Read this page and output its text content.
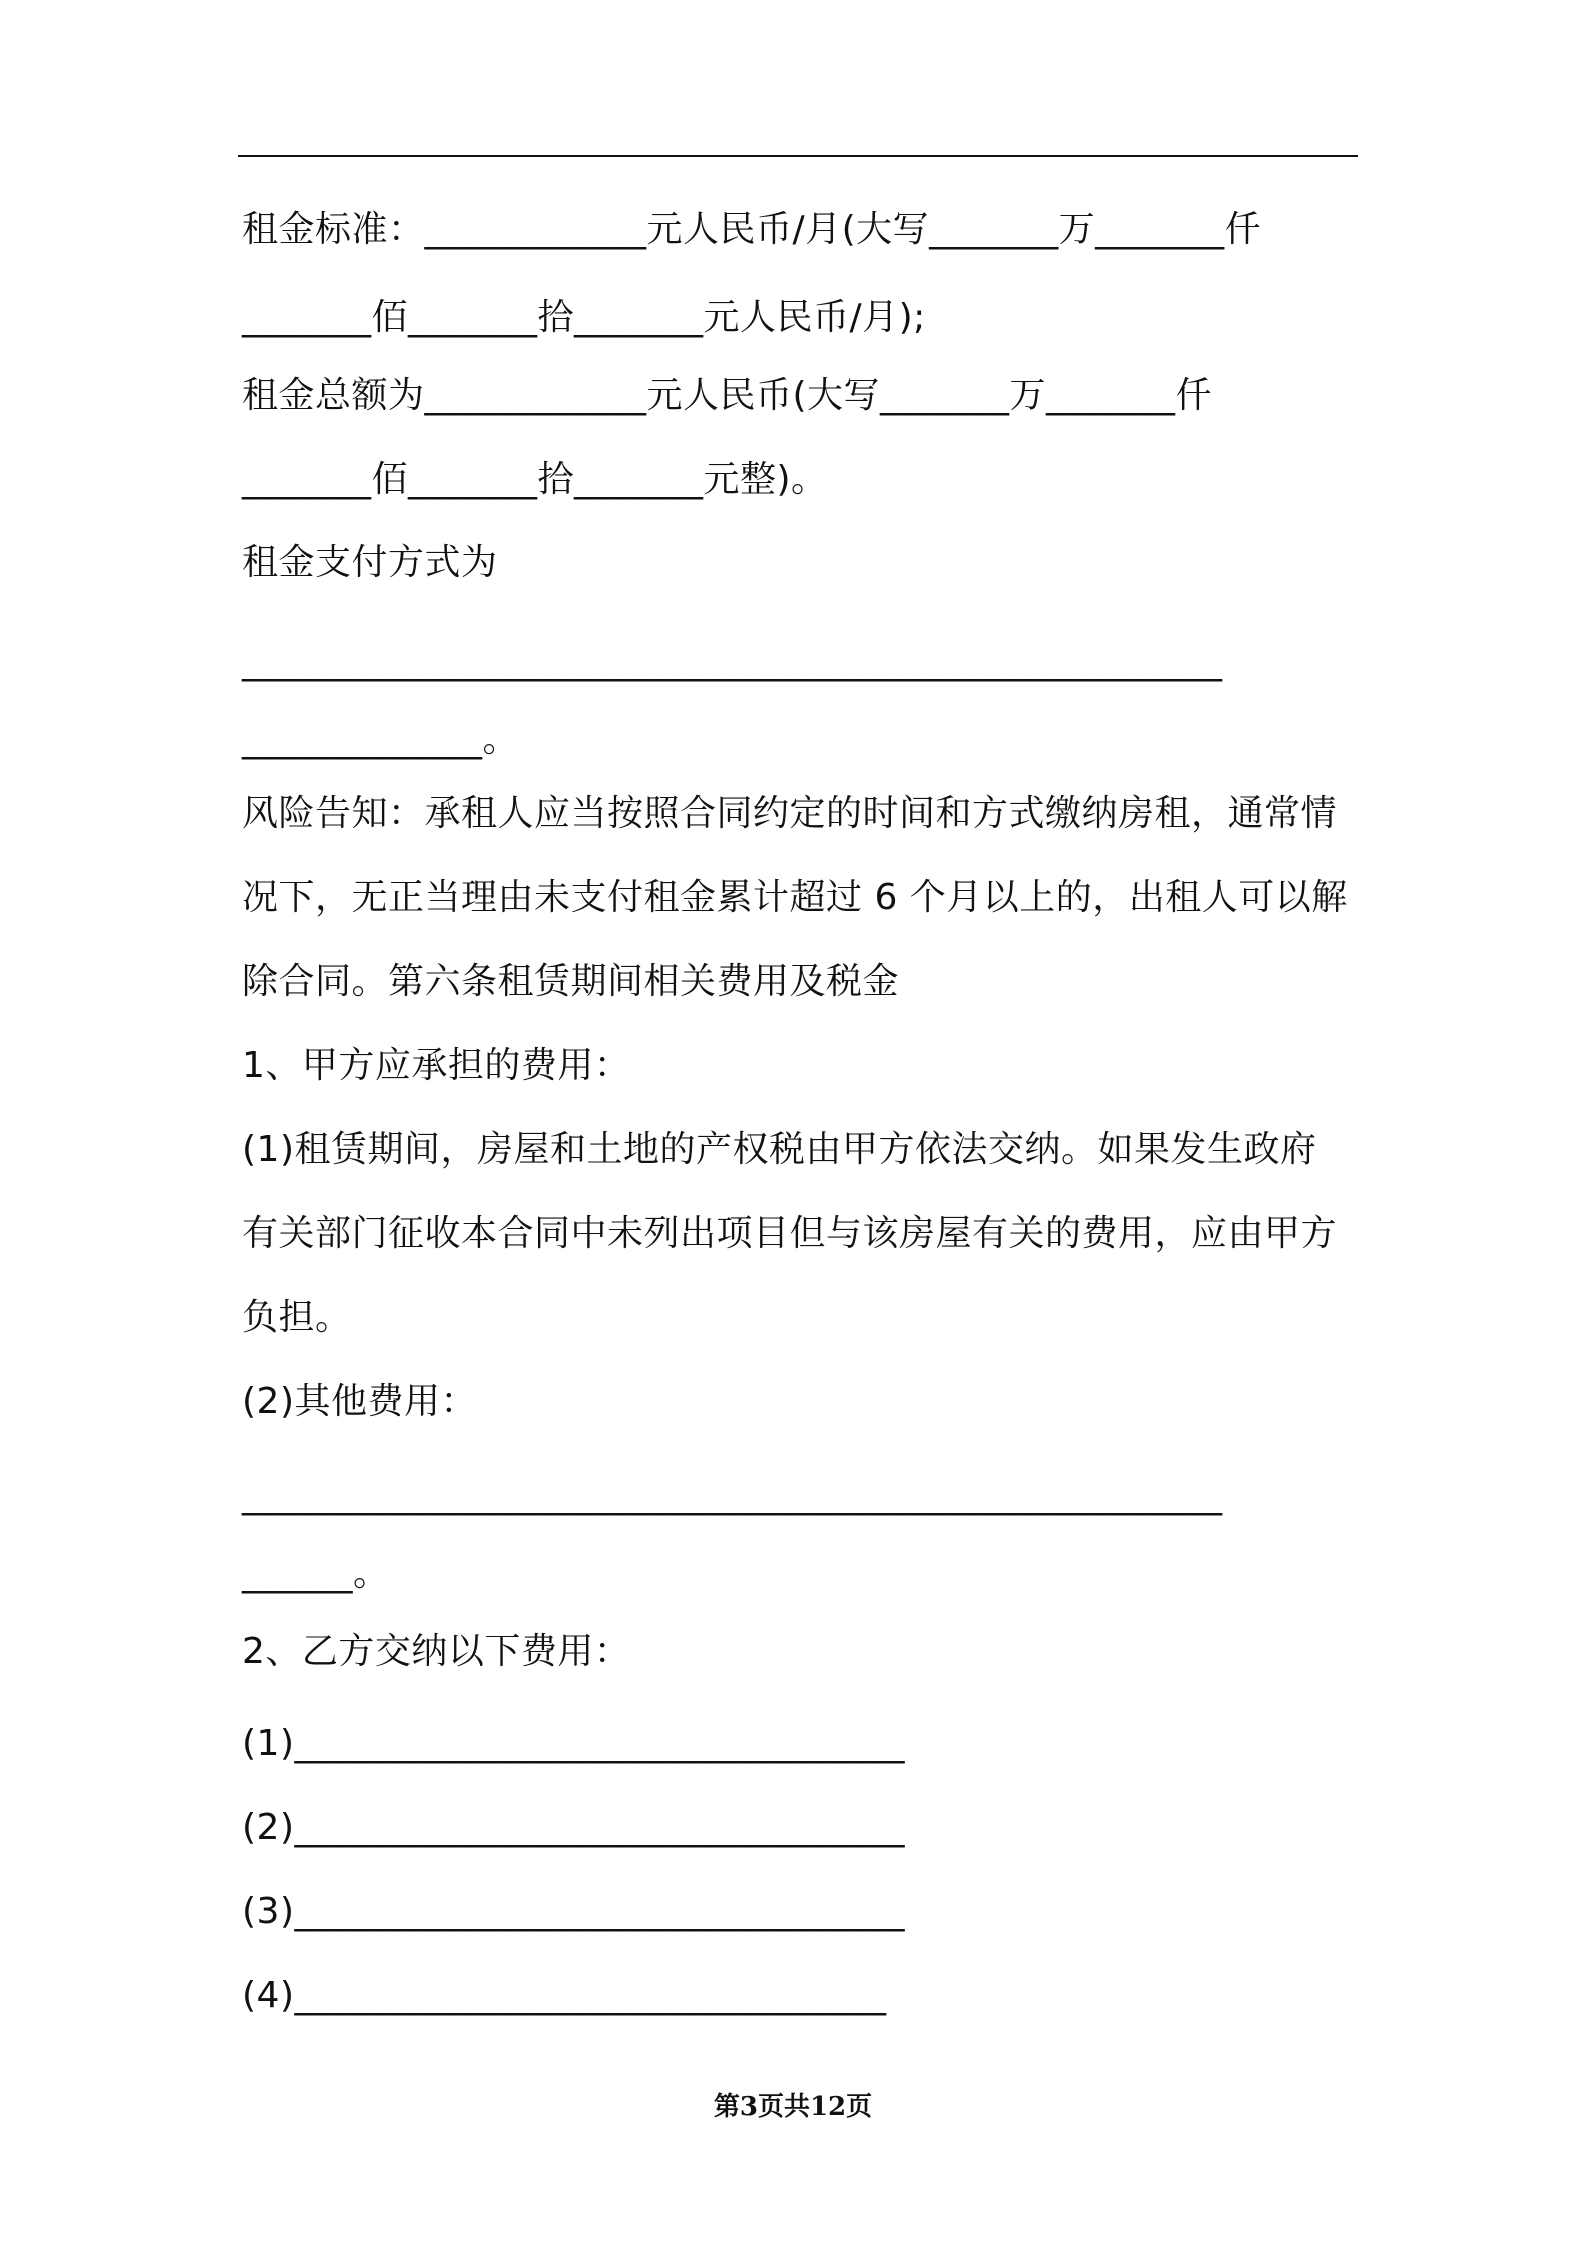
租金标准：____________元人民币/月(大写_______万_______仟
_______佰_______拾_______元人民币/月);
租金总额为____________元人民币(大写_______万_______仟
_______佰_______拾_______元整)。
租金支付方式为
_____________________________________________________
_____________。
风险告知：承租人应当按照合同约定的时间和方式缴纳房租，通常情
况下，无正当理由未支付租金累计超过 6 个月以上的，出租人可以解
除合同。第六条租赁期间相关费用及税金
1、甲方应承担的费用：
(1)租赁期间，房屋和土地的产权税由甲方依法交纳。如果发生政府
有关部门征收本合同中未列出项目但与该房屋有关的费用，应由甲方
负担。
(2)其他费用：
_____________________________________________________
______。
2、乙方交纳以下费用：
(1)_________________________________
(2)_________________________________
(3)_________________________________
(4)________________________________
第3页共12页
